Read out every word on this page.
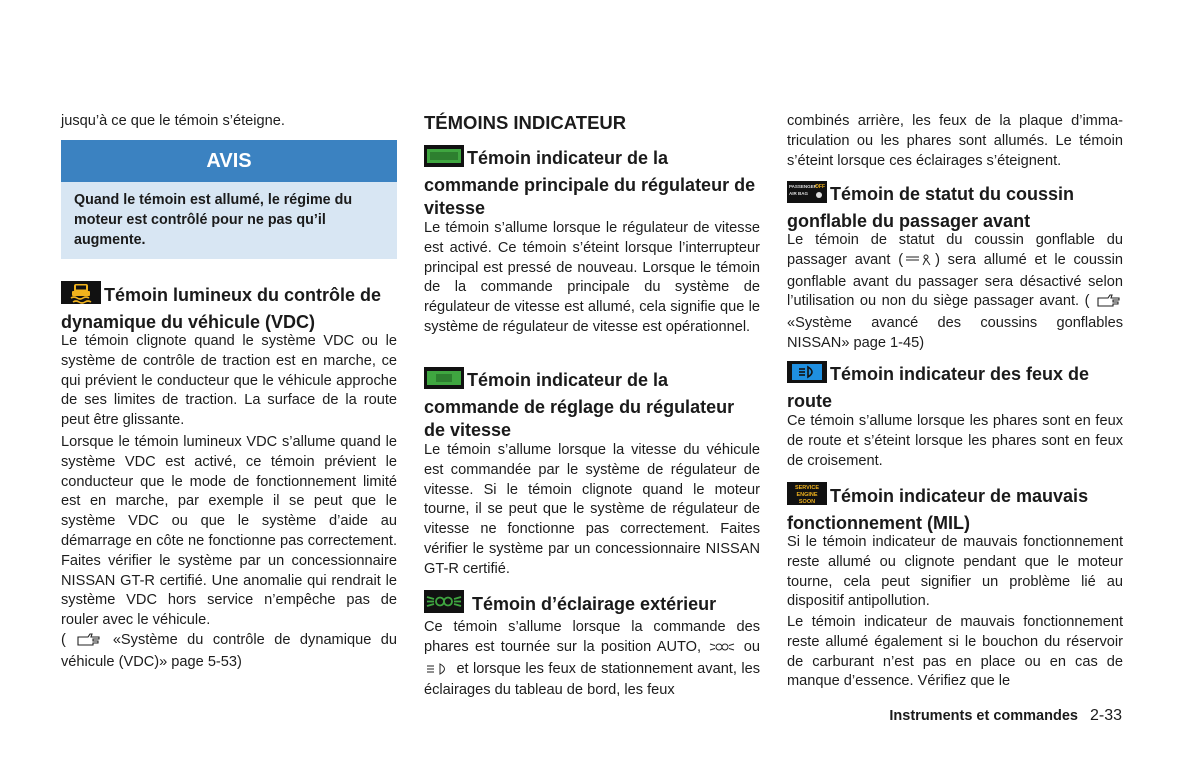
jusqu’à ce que le témoin s’éteigne.

AVIS
Quand le témoin est allumé, le régime du moteur est contrôlé pour ne pas qu’il augmente.
Témoin lumineux du contrôle de dynamique du véhicule (VDC)

Le témoin clignote quand le système VDC ou le système de contrôle de traction est en marche, ce qui prévient le conducteur que le véhicule approche de ses limites de traction. La surface de la route peut être glissante.

Lorsque le témoin lumineux VDC s’allume quand le système VDC est activé, ce témoin prévient le conducteur que le mode de fonctionnement limité est en marche, par exemple il se peut que le système VDC ou que le système d’aide au démarrage en côte ne fonctionne pas correctement. Faites vérifier le système par un concessionnaire NISSAN GT-R certifié. Une anomalie qui rendrait le système VDC hors service n’empêche pas de rouler avec le véhicule.

(	«Système du contrôle de dynamique du véhicule (VDC)» page 5-53)

TÉMOINS INDICATEUR
Témoin indicateur de la commande principale du régulateur de vitesse

Le témoin s’allume lorsque le régulateur de vitesse est activé. Ce témoin s’éteint lorsque l’interrupteur principal est pressé de nouveau. Lorsque le témoin de la commande principale du système de régulateur de vitesse est allumé, cela signifie que le système de régulateur de vitesse est opérationnel.

Témoin indicateur de la commande de réglage du régulateur de vitesse

Le témoin s’allume lorsque la vitesse du véhicule est commandée par le système de régulateur de vitesse. Si le témoin clignote quand le moteur tourne, il se peut que le système de régulateur de vitesse ne fonctionne pas correctement. Faites vérifier le système par un concessionnaire NISSAN GT-R certifié.

Témoin d’éclairage extérieur

Ce témoin s’allume lorsque la commande des phares est tournée sur la position AUTO,	ou  et lorsque les feux de stationnement avant, les éclairages du tableau de bord, les feux

combinés arrière, les feux de la plaque d’immatriculation ou les phares sont allumés. Le témoin s’éteint lorsque ces éclairages s’éteignent.

PASSENGER
AIR BAG
OFF Témoin de statut du coussin gonflable du passager avant

Le témoin de statut du coussin gonflable du passager avant ( ) sera allumé et le coussin gonflable avant du passager sera désactivé selon l’utilisation ou non du siège passager avant. ( «Système avancé des coussins gonflables NISSAN» page 1-45)

Témoin indicateur des feux de route

Ce témoin s’allume lorsque les phares sont en feux de route et s’éteint lorsque les phares sont en feux de croisement.

SERVICE
ENGINE
SOON Témoin indicateur de mauvais fonctionnement (MIL)

Si le témoin indicateur de mauvais fonctionnement reste allumé ou clignote pendant que le moteur tourne, cela peut signifier un problème lié au dispositif antipollution.

Le témoin indicateur de mauvais fonctionnement reste allumé également si le bouchon du réservoir de carburant n’est pas en place ou en cas de manque d’essence. Vérifiez que le

Instruments et commandes 2-33
